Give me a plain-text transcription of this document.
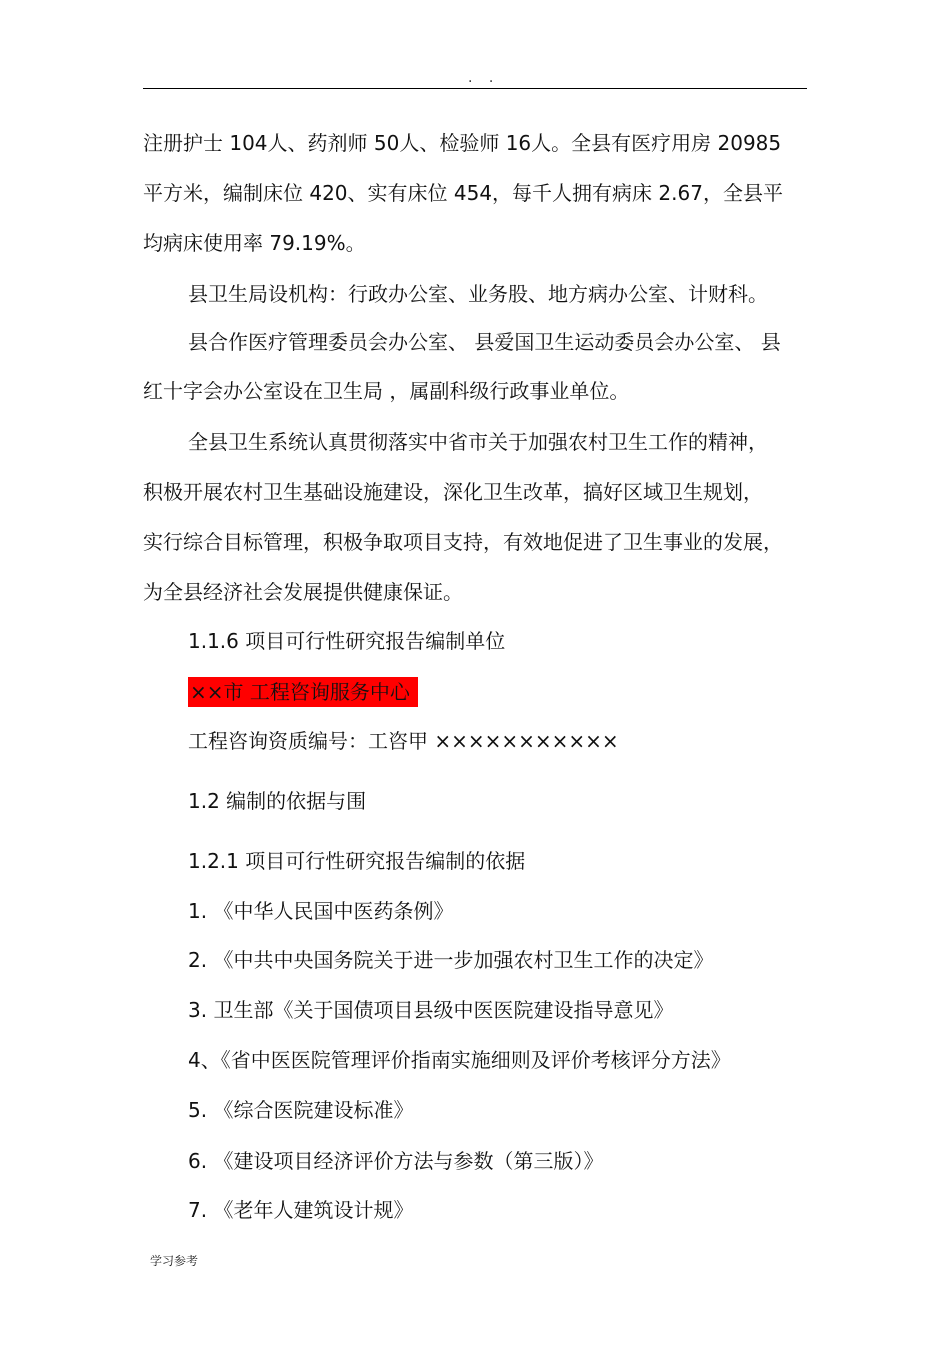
. .
注册护士 104人、药剂师 50人、检验师 16人。全县有医疗用房 20985
平方米，编制床位 420、实有床位 454，每千人拥有病床 2.67，全县平
均病床使用率 79.19%。
县卫生局设机构：行政办公室、业务股、地方病办公室、计财科。
县合作医疗管理委员会办公室、 县爱国卫生运动委员会办公室、 县
红十字会办公室设在卫生局 ，属副科级行政事业单位。
全县卫生系统认真贯彻落实中省市关于加强农村卫生工作的精神，
积极开展农村卫生基础设施建设，深化卫生改革，搞好区域卫生规划，
实行综合目标管理，积极争取项目支持，有效地促进了卫生事业的发展，
为全县经济社会发展提供健康保证。
1.1.6 项目可行性研究报告编制单位
××市 工程咨询服务中心
工程咨询资质编号：工咨甲 ×××××××××××
1.2 编制的依据与围
1.2.1 项目可行性研究报告编制的依据
1. 《中华人民国中医药条例》
2. 《中共中央国务院关于进一步加强农村卫生工作的决定》
3. 卫生部《关于国债项目县级中医医院建设指导意见》
4、《省中医医院管理评价指南实施细则及评价考核评分方法》
5. 《综合医院建设标准》
6. 《建设项目经济评价方法与参数（第三版）》
7. 《老年人建筑设计规》
学习参考
